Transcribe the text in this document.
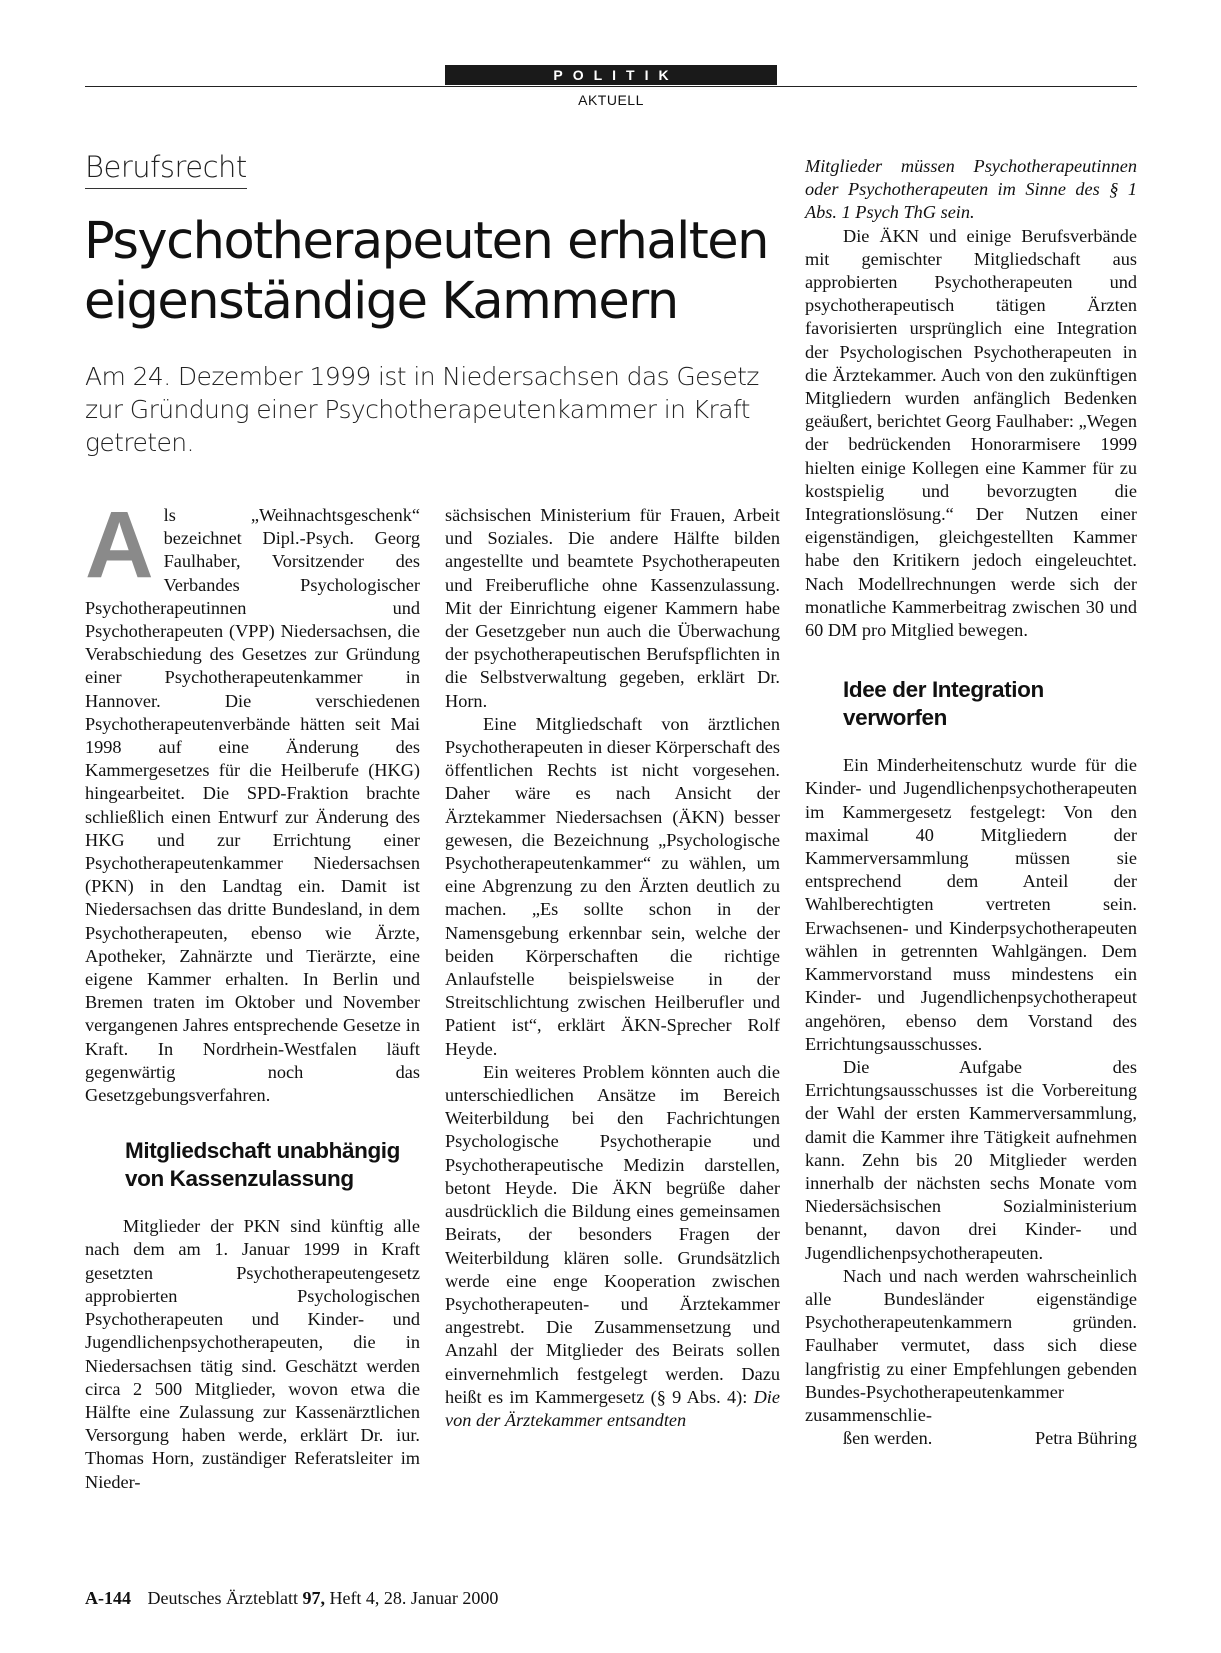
POLITIK
AKTUELL
Berufsrecht
Psychotherapeuten erhalten
eigenständige Kammern
Am 24. Dezember 1999 ist in Niedersachsen das Gesetz zur Gründung einer Psychotherapeutenkammer in Kraft getreten.

Als „Weihnachtsgeschenk“ bezeichnet Dipl.-Psych. Georg Faulhaber, Vorsitzender des Verbandes Psychologischer Psychotherapeutinnen und Psychotherapeuten (VPP) Niedersachsen, die Verabschiedung des Gesetzes zur Gründung einer Psychotherapeutenkammer in Hannover. Die verschiedenen Psychotherapeutenverbände hätten seit Mai 1998 auf eine Änderung des Kammergesetzes für die Heilberufe (HKG) hingearbeitet. Die SPD-Fraktion brachte schließlich einen Entwurf zur Änderung des HKG und zur Errichtung einer Psychotherapeutenkammer Niedersachsen (PKN) in den Landtag ein. Damit ist Niedersachsen das dritte Bundesland, in dem Psychotherapeuten, ebenso wie Ärzte, Apotheker, Zahnärzte und Tierärzte, eine eigene Kammer erhalten. In Berlin und Bremen traten im Oktober und November vergangenen Jahres entsprechende Gesetze in Kraft. In Nordrhein-Westfalen läuft gegenwärtig noch das Gesetzgebungsverfahren.

Mitgliedschaft unabhängig von Kassenzulassung

Mitglieder der PKN sind künftig alle nach dem am 1. Januar 1999 in Kraft gesetzten Psychotherapeutengesetz approbierten Psychologischen Psychotherapeuten und Kinder- und Jugendlichenpsychotherapeuten, die in Niedersachsen tätig sind. Geschätzt werden circa 2 500 Mitglieder, wovon etwa die Hälfte eine Zulassung zur Kassenärztlichen Versorgung haben werde, erklärt Dr. iur. Thomas Horn, zuständiger Referatsleiter im Nieder-

sächsischen Ministerium für Frauen, Arbeit und Soziales. Die andere Hälfte bilden angestellte und beamtete Psychotherapeuten und Freiberufliche ohne Kassenzulassung. Mit der Einrichtung eigener Kammern habe der Gesetzgeber nun auch die Überwachung der psychotherapeutischen Berufspflichten in die Selbstverwaltung gegeben, erklärt Dr. Horn.

Eine Mitgliedschaft von ärztlichen Psychotherapeuten in dieser Körperschaft des öffentlichen Rechts ist nicht vorgesehen. Daher wäre es nach Ansicht der Ärztekammer Niedersachsen (ÄKN) besser gewesen, die Bezeichnung „Psychologische Psychotherapeutenkammer“ zu wählen, um eine Abgrenzung zu den Ärzten deutlich zu machen. „Es sollte schon in der Namensgebung erkennbar sein, welche der beiden Körperschaften die richtige Anlaufstelle beispielsweise in der Streitschlichtung zwischen Heilberufler und Patient ist“, erklärt ÄKN-Sprecher Rolf Heyde.

Ein weiteres Problem könnten auch die unterschiedlichen Ansätze im Bereich Weiterbildung bei den Fachrichtungen Psychologische Psychotherapie und Psychotherapeutische Medizin darstellen, betont Heyde. Die ÄKN begrüße daher ausdrücklich die Bildung eines gemeinsamen Beirats, der besonders Fragen der Weiterbildung klären solle. Grundsätzlich werde eine enge Kooperation zwischen Psychotherapeuten- und Ärztekammer angestrebt. Die Zusammensetzung und Anzahl der Mitglieder des Beirats sollen einvernehmlich festgelegt werden. Dazu heißt es im Kammergesetz (§ 9 Abs. 4): Die von der Ärztekammer entsandten

Mitglieder müssen Psychotherapeutinnen oder Psychotherapeuten im Sinne des § 1 Abs. 1 Psych ThG sein.

Die ÄKN und einige Berufsverbände mit gemischter Mitgliedschaft aus approbierten Psychotherapeuten und psychotherapeutisch tätigen Ärzten favorisierten ursprünglich eine Integration der Psychologischen Psychotherapeuten in die Ärztekammer. Auch von den zukünftigen Mitgliedern wurden anfänglich Bedenken geäußert, berichtet Georg Faulhaber: „Wegen der bedrückenden Honorarmisere 1999 hielten einige Kollegen eine Kammer für zu kostspielig und bevorzugten die Integrationslösung.“ Der Nutzen einer eigenständigen, gleichgestellten Kammer habe den Kritikern jedoch eingeleuchtet. Nach Modellrechnungen werde sich der monatliche Kammerbeitrag zwischen 30 und 60 DM pro Mitglied bewegen.

Idee der Integration verworfen

Ein Minderheitenschutz wurde für die Kinder- und Jugendlichenpsychotherapeuten im Kammergesetz festgelegt: Von den maximal 40 Mitgliedern der Kammerversammlung müssen sie entsprechend dem Anteil der Wahlberechtigten vertreten sein. Erwachsenen- und Kinderpsychotherapeuten wählen in getrennten Wahlgängen. Dem Kammervorstand muss mindestens ein Kinder- und Jugendlichenpsychotherapeut angehören, ebenso dem Vorstand des Errichtungsausschusses.

Die Aufgabe des Errichtungsausschusses ist die Vorbereitung der Wahl der ersten Kammerversammlung, damit die Kammer ihre Tätigkeit aufnehmen kann. Zehn bis 20 Mitglieder werden innerhalb der nächsten sechs Monate vom Niedersächsischen Sozialministerium benannt, davon drei Kinder- und Jugendlichenpsychotherapeuten.

Nach und nach werden wahrscheinlich alle Bundesländer eigenständige Psychotherapeutenkammern gründen. Faulhaber vermutet, dass sich diese langfristig zu einer Empfehlungen gebenden Bundes-Psychotherapeutenkammer zusammenschlie-

ßen werden.	Petra Bühring

A-144 Deutsches Ärzteblatt 97, Heft 4, 28. Januar 2000
